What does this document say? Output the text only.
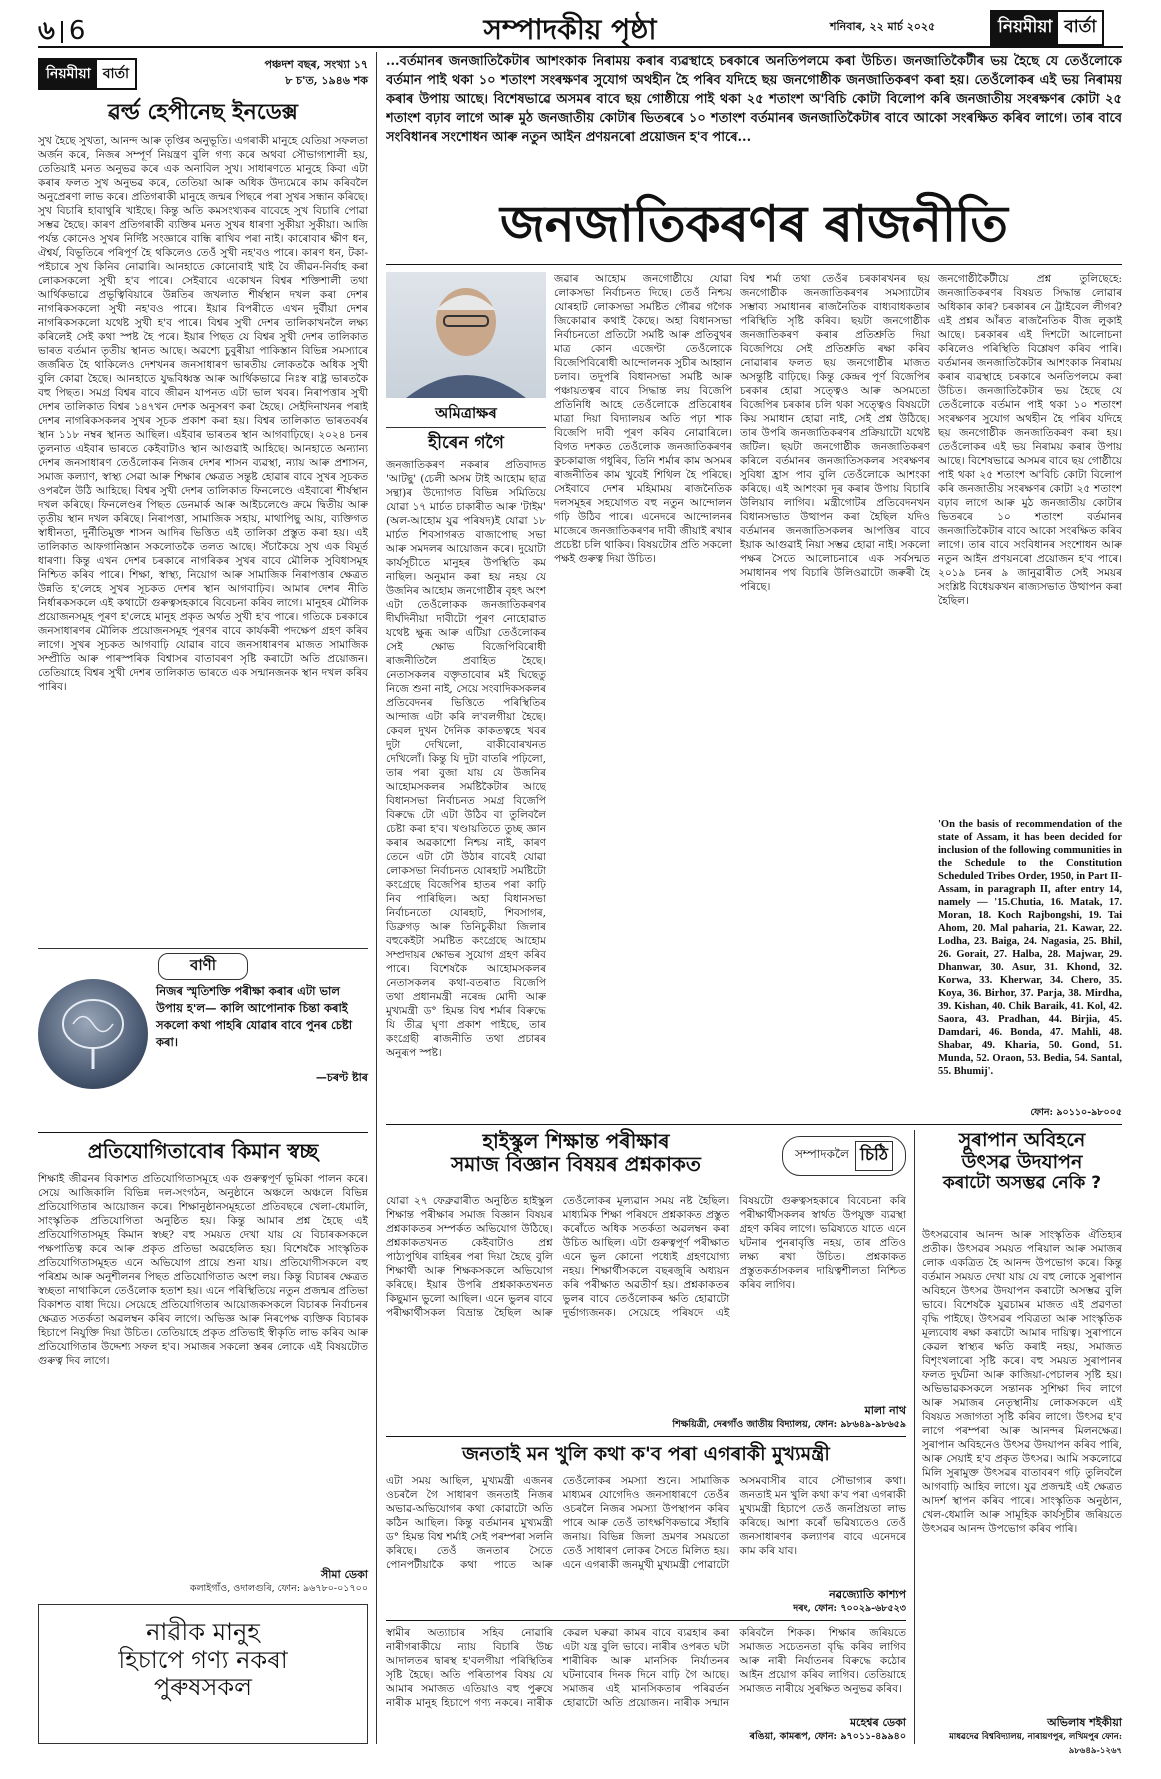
৬ 6	সম্পাদকীয় পৃষ্ঠা	শনিবাৰ, ২২ মাৰ্চ ২০২৫	নিয়মীয়া বাৰ্তা
নিয়মীয়া বাৰ্তা
পঞ্চদশ বছৰ, সংখ্যা ১৭
৮ চ'ত, ১৯৪৬ শক
ৱৰ্ল্ড হেপীনেছ ইনডেক্স
সুখ হৈছে সুখতা, আনন্দ আৰু তৃপ্তিৰ অনুভূতি। এগৰাকী মানুহে যেতিয়া সফলতা অৰ্জন কৰে, নিজৰ সম্পূৰ্ণ নিয়ন্ত্ৰণ বুলি গণ্য কৰে অথবা সৌভাগ্যশালী হয়, তেতিয়াই মনত অনুভৱ কৰে এক অনাবিল সুখ। সাধাৰণতে মানুহে কিবা এটা কৰাৰ ফলত সুখ অনুভৱ কৰে, তেতিয়া আৰু অধিক উদ্যমেৰে কাম কৰিবলৈ অনুপ্ৰেৰণা লাভ কৰে। প্ৰতিগৰাকী মানুহে জন্মৰ পিছৰে পৰা সুখৰ সন্ধান কৰিছে। সুখ বিচাৰি হাবাথুৰি খাইছে। কিন্তু অতি কমসংখ্যকৰ বাবেহে সুখ বিচাৰি পোৱা সম্ভৱ হৈছে। কাৰণ প্ৰতিগৰাকী ব্যক্তিৰ মনত সুখৰ ধাৰণা সুকীয়া সুকীয়া। আজি পৰ্যন্ত কোনেও সুখৰ নিৰ্দিষ্ট সংজ্ঞাৰে বান্ধি ৰাখিব পৰা নাই। কাৰোবাৰ ক্ষীণ ধন, ঐশ্বৰ্য, বিভূতিৰে পৰিপূৰ্ণ হৈ থকিলেও তেওঁ সুখী নহ'বও পাৰে। কাৰণ ধন, টকা-পইচাৰে সুখ কিনিব নোৱাৰি। আনহাতে কোনোবাই খাই বৈ জীৱন-নিৰ্বাহ কৰা লোকসকলো সুখী হ'ব পাৰে। সেইবাবে একোখন বিশ্বৰ শক্তিশালী তথা আৰ্থিকভাৱে প্ৰভূত্বিবিয়াৰে উন্নতিৰ জখলাত শীৰ্ষস্থান দখল কৰা দেশৰ নাগৰিকসকলো সুখী নহ'বও পাৰে। ইয়াৰ বিপৰীতে এখন দুৰ্বীয়া দেশৰ নাগৰিকসকলো যথেষ্ট সুখী হ'ব পাৰে। বিশ্বৰ সুখী দেশৰ তালিকাখনলৈ লক্ষ্য কৰিলেই সেই কথা স্পষ্ট হৈ পৰে। ইয়াৰ পিছত যে বিশ্বৰ সুখী দেশৰ তালিকাত ভাৰত বৰ্তমান তৃতীয় স্থানত আছে। অৱশ্যে চুবুৰীয়া পাকিস্তান বিভিন্ন সমস্যাৰে জৰ্জৰিত হৈ থাকিলেও দেশখনৰ জনসাধাৰণ ভাৰতীয় লোকতকৈ অধিক সুখী বুলি কোৱা হৈছে। আনহাতে যুদ্ধবিধ্বস্ত আৰু আৰ্থিকভাৱে নিঃস্ব ৰাষ্ট্ৰ ভাৰতকৈ বহু পিছত। সমগ্ৰ বিশ্বৰ বাবে জীৱন যাপনত এটা ভাল খবৰ। নিৰাপত্তাৰ সুখী দেশৰ তালিকাত বিশ্বৰ ১৪৭খন দেশক অনুসৰণ কৰা হৈছে। সেইদিনাখনৰ পৰাই দেশৰ নাগৰিকসকলৰ সুখৰ সূচক প্ৰকাশ কৰা হয়। বিশ্বৰ তালিকাত ভাৰতবৰ্ষৰ স্থান ১১৮ নম্বৰ স্থানত আছিল। এইবাৰ ভাৰতৰ স্থান আগবাঢ়িছে। ২০২৪ চনৰ তুলনাত এইবাৰ ভাৰতে কেইবাটাও স্থান আগুৱাই আহিছে। আনহাতে অন্যান্য দেশৰ জনসাধাৰণ তেওঁলোকৰ নিজৰ দেশৰ শাসন ব্যৱস্থা, ন্যায় আৰু প্ৰশাসন, সমাজ কল্যাণ, স্বাস্থ্য সেৱা আৰু শিক্ষাৰ ক্ষেত্ৰত সন্তুষ্ট হোৱাৰ বাবে সুখৰ সূচকত ওপৰলৈ উঠি আহিছে। বিশ্বৰ সুখী দেশৰ তালিকাত ফিনলেণ্ডে এইবাৰো শীৰ্ষস্থান দখল কৰিছে। ফিনলেণ্ডৰ পিছত ডেনমাৰ্ক আৰু আইচলেণ্ডে ক্ৰমে দ্বিতীয় আৰু তৃতীয় স্থান দখল কৰিছে। নিৰাপত্তা, সামাজিক সহায়, মাথাপিছু আয়, ব্যক্তিগত স্বাধীনতা, দুৰ্নীতিমুক্ত শাসন আদিৰ ভিত্তিত এই তালিকা প্ৰস্তুত কৰা হয়। এই তালিকাত আফগানিস্তান সকলোতকৈ তলত আছে। সঁচাকৈয়ে সুখ এক বিমূৰ্ত ধাৰণা। কিন্তু এখন দেশৰ চৰকাৰে নাগৰিকৰ সুখৰ বাবে মৌলিক সুবিধাসমূহ নিশ্চিত কৰিব পাৰে। শিক্ষা, স্বাস্থ্য, নিয়োগ আৰু সামাজিক নিৰাপত্তাৰ ক্ষেত্ৰত উন্নতি হ'লেহে সুখৰ সূচকত দেশৰ স্থান আগবাঢ়িব। আমাৰ দেশৰ নীতি নিৰ্ধাৰকসকলে এই কথাটো গুৰুত্বসহকাৰে বিবেচনা কৰিব লাগে। মানুহৰ মৌলিক প্ৰয়োজনসমূহ পূৰণ হ'লেহে মানুহ প্ৰকৃত অৰ্থত সুখী হ'ব পাৰে। গতিকে চৰকাৰে জনসাধাৰণৰ মৌলিক প্ৰয়োজনসমূহ পূৰণৰ বাবে কাৰ্যকৰী পদক্ষেপ গ্ৰহণ কৰিব লাগে। সুখৰ সূচকত আগবাঢ়ি যোৱাৰ বাবে জনসাধাৰণৰ মাজত সামাজিক সম্প্ৰীতি আৰু পাৰস্পৰিক বিশ্বাসৰ বাতাবৰণ সৃষ্টি কৰাটো অতি প্ৰয়োজন। তেতিয়াহে বিশ্বৰ সুখী দেশৰ তালিকাত ভাৰতে এক সন্মানজনক স্থান দখল কৰিব পাৰিব।
বাণী
নিজৰ স্মৃতিশক্তি পৰীক্ষা কৰাৰ এটা ভাল উপায় হ'ল— কালি আপোনাক চিন্তা কৰাই সকলো কথা পাহৰি যোৱাৰ বাবে পুনৰ চেষ্টা কৰা।
—চৰণ্ট ষ্টাৰ
প্ৰতিযোগিতাবোৰ কিমান স্বচ্ছ
শিক্ষাই জীৱনৰ বিকাশত প্ৰতিযোগিতাসমূহে এক গুৰুত্বপূৰ্ণ ভূমিকা পালন কৰে। সেয়ে আজিকালি বিভিন্ন দল-সংগঠন, অনুষ্ঠানে অঞ্চলে অঞ্চলে বিভিন্ন প্ৰতিযোগিতাৰ আয়োজন কৰে। শিক্ষানুষ্ঠানসমূহতো প্ৰতিবছৰে খেলা-ধেমালি, সাংস্কৃতিক প্ৰতিযোগিতা অনুষ্ঠিত হয়। কিন্তু আমাৰ প্ৰশ্ন হৈছে এই প্ৰতিযোগিতাসমূহ কিমান স্বচ্ছ? বহু সময়ত দেখা যায় যে বিচাৰকসকলে পক্ষপাতিত্ব কৰে আৰু প্ৰকৃত প্ৰতিভা অৱহেলিত হয়। বিশেষকৈ সাংস্কৃতিক প্ৰতিযোগিতাসমূহত এনে অভিযোগ প্ৰায়ে শুনা যায়। প্ৰতিযোগীসকলে বহু পৰিশ্ৰম আৰু অনুশীলনৰ পিছত প্ৰতিযোগিতাত অংশ লয়। কিন্তু বিচাৰৰ ক্ষেত্ৰত স্বচ্ছতা নাথাকিলে তেওঁলোক হতাশ হয়। এনে পৰিস্থিতিয়ে নতুন প্ৰজন্মৰ প্ৰতিভা বিকাশত বাধা দিয়ে। সেয়েহে প্ৰতিযোগিতাৰ আয়োজকসকলে বিচাৰক নিৰ্বাচনৰ ক্ষেত্ৰত সতৰ্কতা অৱলম্বন কৰিব লাগে। অভিজ্ঞ আৰু নিৰপেক্ষ ব্যক্তিক বিচাৰক হিচাপে নিযুক্তি দিয়া উচিত। তেতিয়াহে প্ৰকৃত প্ৰতিভাই স্বীকৃতি লাভ কৰিব আৰু প্ৰতিযোগিতাৰ উদ্দেশ্য সফল হ'ব। সমাজৰ সকলো স্তৰৰ লোকে এই বিষয়টোত গুৰুত্ব দিব লাগে।
সীমা ডেকা
কলাইগাঁও, ওদালগুৰি, ফোন: ৯৬৭৮০-০১৭০০
নাৱীক মানুহ
হিচাপে গণ্য নকৰা
পুৰুষসকল
...বৰ্তমানৰ জনজাতিকৈটাৰ আশংকাক নিৰাময় কৰাৰ ব্যৱস্থাহে চৰকাৰে অনতিপলমে কৰা উচিত। জনজাতিকৈটীৰ ভয় হৈছে যে তেওঁলোকে বৰ্তমান পাই থকা ১০ শতাংশ সংৰক্ষণৰ সুযোগ অথহীন হৈ পৰিব যদিহে ছয় জনগোষ্ঠীক জনজাতিকৰণ কৰা হয়। তেওঁলোকৰ এই ভয় নিৰাময় কৰাৰ উপায় আছে। বিশেষভাৱে অসমৰ বাবে ছয় গোষ্ঠীয়ে পাই থকা ২৫ শতাংশ অ'বিচি কোটা বিলোপ কৰি জনজাতীয় সংৰক্ষণৰ কোটা ২৫ শতাংশ বঢ়াব লাগে আৰু মুঠ জনজাতীয় কোটাৰ ভিতৰৰে ১০ শতাংশ বৰ্তমানৰ জনজাতিকৈটাৰ বাবে আকো সংৰক্ষিত কৰিব লাগে। তাৰ বাবে সংবিধানৰ সংশোধন আৰু নতুন আইন প্ৰণয়নৰো প্ৰয়োজন হ'ব পাৰে...
জনজাতিকৰণৰ ৰাজনীতি
অমিত্রাক্ষৰ
হীৰেন গগৈ
জনজাতিকৰণ নকৰাৰ প্ৰতিবাদত 'আটছু' (চেলী অসম টাই আহোম ছাত্ৰ সন্থা)ৰ উদ্যোগত বিভিন্ন সমিতিয়ে যোৱা ১৭ মাৰ্চত চাকাৰীত আৰু 'টাইম' (অল-আহোম যুৱ পৰিষদ)ই যোৱা ১৮ মাৰ্চত শিবসাগৰত বাজাপোছ সভা আৰু সমদলৰ আয়োজন কৰে। দুয়োটা কাৰ্যসূচীতে মানুহৰ উপস্থিতি কম নাছিল। অনুমান কৰা হয় নহয় যে উজনিৰ আহোম জনগোষ্ঠীৰ বৃহৎ অংশ এটা তেওঁলোকক জনজাতিকৰণৰ দীৰ্ঘদিনীয়া দাবীটো পূৰণ নোহোৱাত যথেষ্ট ক্ষুব্ধ আৰু এটিয়া তেওঁলোকৰ সেই ক্ষোভ বিজেপিবিৰোধী ৰাজনীতিলৈ প্ৰবাহিত হৈছে। নেতাসকলৰ বক্তৃতাবোৰ মই ঘিছেতু নিজে শুনা নাই, সেয়ে সংবাদিকসকলৰ প্ৰতিবেদনৰ ভিত্তিতে পৰিস্থিতিৰ আন্দাজ এটা কৰি ল'বলগীয়া হৈছে। কেবল দুখন দৈনিক কাকতত্বহে খবৰ দুটা দেখিলো, বাকীবোৰখনত দেখিলোঁ। কিন্তু যি দুটা বাতৰি পঢ়িলো, তাৰ পৰা বুজা যায় যে উজনিৰ আহোমসকলৰ সমষ্টিকৈটাৰ আছে বিধানসভা নিৰ্বাচনত সমগ্ৰ বিজেপি বিৰুদ্ধে টো এটা উঠিব বা তুলিবলৈ চেষ্টা কৰা হ'ব। খণ্ডায়তিতে তুচ্ছ জ্ঞান কৰাৰ অৱকাশো নিশ্চয় নাই, কাৰণ তেনে এটা ঢৌ উঠাৰ বাবেই যোৱা লোকসভা নিৰ্বাচনত যোৰহাট সমষ্টিটো কংগ্ৰেছে বিজেপিৰ হাতৰ পৰা কাঢ়ি নিব পাৰিছিল। অহা বিধানসভা নিৰ্বাচনতো যোৰহাট, শিবসাগৰ, ডিব্ৰুগড় আৰু তিনিচুকীয়া জিলাৰ বহুকেইটা সমষ্টিত কংগ্ৰেছে আহোম সম্প্ৰদায়ৰ ক্ষোভৰ সুযোগ গ্ৰহণ কৰিব পাৰে। বিশেষকৈ আহোমসকলৰ নেতাসকলৰ কথা-বতৰাত বিজেপি তথা প্ৰধানমন্ত্ৰী নৰেন্দ্ৰ মোদী আৰু মুখ্যমন্ত্ৰী ড° হিমন্ত বিশ্ব শৰ্মাৰ বিৰুদ্ধে যি তীব্ৰ ঘৃণা প্ৰকাশ পাইছে, তাৰ কংগ্ৰেছী ৰাজনীতি তথা প্ৰচাৰৰ অনুৰূপ স্পষ্ট।
জৱাৰ আহোম জনগোষ্ঠীয়ে যোৱা লোকসভা নিৰ্বাচনত দিছে। তেওঁ নিশ্চয় যোৰহাট লোকসভা সমষ্টিত গৌৰৱ গগৈক জিকোৱাৰ কথাই কৈছে। অহা বিধানসভা নিৰ্বাচনতো প্ৰতিটো সমষ্টি আৰু প্ৰতিবুথৰ মাত্ৰ কোন এজেণ্টা তেওঁলোকে বিজেপিবিৰোধী আন্দোলনক সুচীৰ আহ্বান চলাব। তদুপৰি বিধানসভা সমষ্টি আৰু পঞ্চায়তত্বৰ বাবে সিদ্ধান্ত লয় বিজেপি প্ৰতিনিধি আহে তেওঁলোকে প্ৰতিৰোধৰ মাত্ৰা দিয়া বিদ্যালয়ৰ অতি পঢ়া শাক বিজেপি দাবী পূৰণ কৰিব নোৱাৰিলে। বিগত দশকত তেওঁলোক জনজাতিকৰণৰ কুচকাৱাজ গধুৰিব, তিনি শৰ্মাৰ কাম অসমৰ ৰাজনীতিৰ কাম খুবেই শিথিল হৈ পৰিছে। সেইবাবে দেশৰ মহিমাময় ৰাজনৈতিক দলসমূহৰ সহযোগত বহু নতুন আন্দোলন গঢ়ি উঠিব পাৰে। এনেদৰে আন্দোলনৰ মাজেৰে জনজাতিকৰণৰ দাবী জীয়াই ৰখাৰ প্ৰচেষ্টা চলি থাকিব। বিষয়টোৰ প্ৰতি সকলো পক্ষই গুৰুত্ব দিয়া উচিত।
বিশ্ব শৰ্মা তথা তেওঁৰ চৰকাৰখনৰ ছয় জনগোষ্ঠীক জনজাতিকৰণৰ সমস্যাটোৰ সম্ভাব্য সমাধানৰ ৰাজনৈতিক বাধ্যবাধকতাৰ পৰিস্থিতি সৃষ্টি কৰিব। ছয়টা জনগোষ্ঠীক জনজাতিকৰণ কৰাৰ প্ৰতিশ্ৰুতি দিয়া বিজেপিয়ে সেই প্ৰতিশ্ৰুতি ৰক্ষা কৰিব নোৱাৰাৰ ফলত ছয় জনগোষ্ঠীৰ মাজত অসন্তুষ্টি বাঢ়িছে। কিন্তু কেন্দ্ৰৰ পূৰ্ণ বিজেপিৰ চৰকাৰ হোৱা সত্ত্বেও আৰু অসমতো বিজেপিৰ চৰকাৰ চলি থকা সত্ত্বেও বিষয়টো কিয় সমাধান হোৱা নাই, সেই প্ৰশ্ন উঠিছে। তাৰ উপৰি জনজাতিকৰণৰ প্ৰক্ৰিয়াটো যথেষ্ট জটিল। ছয়টা জনগোষ্ঠীক জনজাতিকৰণ কৰিলে বৰ্তমানৰ জনজাতিসকলৰ সংৰক্ষণৰ সুবিধা হ্ৰাস পাব বুলি তেওঁলোকে আশংকা কৰিছে। এই আশংকা দূৰ কৰাৰ উপায় বিচাৰি উলিয়াব লাগিব। মন্ত্ৰীগোটৰ প্ৰতিবেদনখন বিধানসভাত উত্থাপন কৰা হৈছিল যদিও বৰ্তমানৰ জনজাতিসকলৰ আপত্তিৰ বাবে ইয়াক আগুৱাই নিয়া সম্ভৱ হোৱা নাই। সকলো পক্ষৰ সৈতে আলোচনাৰে এক সৰ্বসন্মত সমাধানৰ পথ বিচাৰি উলিওৱাটো জৰুৰী হৈ পৰিছে।
জনগোষ্ঠীকৈটীয়ে প্ৰশ্ন তুলিছেহে: জনজাতিকৰণৰ বিষয়ত সিদ্ধান্ত লোৱাৰ অধিকাৰ কাৰ? চৰকাৰৰ নে ট্ৰাইবেল লীগৰ? এই প্ৰশ্নৰ আঁৰত ৰাজনৈতিক বীজ লুকাই আছে। চৰকাৰৰ এই দিশটো আলোচনা কৰিলেও পৰিস্থিতি বিশ্লেষণ কৰিব পাৰি। বৰ্তমানৰ জনজাতিকৈটাৰ আশংকাক নিৰাময় কৰাৰ ব্যৱস্থাহে চৰকাৰে অনতিপলমে কৰা উচিত। জনজাতিকৈটাৰ ভয় হৈছে যে তেওঁলোকে বৰ্তমান পাই থকা ১০ শতাংশ সংৰক্ষণৰ সুযোগ অথহীন হৈ পৰিব যদিহে ছয় জনগোষ্ঠীক জনজাতিকৰণ কৰা হয়। তেওঁলোকৰ এই ভয় নিৰাময় কৰাৰ উপায় আছে। বিশেষভাৱে অসমৰ বাবে ছয় গোষ্ঠীয়ে পাই থকা ২৫ শতাংশ অ'বিচি কোটা বিলোপ কৰি জনজাতীয় সংৰক্ষণৰ কোটা ২৫ শতাংশ বঢ়াব লাগে আৰু মুঠ জনজাতীয় কোটাৰ ভিতৰৰে ১০ শতাংশ বৰ্তমানৰ জনজাতিকৈটাৰ বাবে আকো সংৰক্ষিত কৰিব লাগে। তাৰ বাবে সংবিধানৰ সংশোধন আৰু নতুন আইন প্ৰণয়নৰো প্ৰয়োজন হ'ব পাৰে। ২০১৯ চনৰ ৯ জানুৱাৰীত সেই সময়ৰ সংশ্লিষ্ট বিধেয়কখন ৰাজ্যসভাত উত্থাপন কৰা হৈছিল।
'On the basis of recommendation of the state of Assam, it has been decided for inclusion of the following communities in the Schedule to the Constitution Scheduled Tribes Order, 1950, in Part II-Assam, in paragraph II, after entry 14, namely — '15.Chutia, 16. Matak, 17. Moran, 18. Koch Rajbongshi, 19. Tai Ahom, 20. Mal paharia, 21. Kawar, 22. Lodha, 23. Baiga, 24. Nagasia, 25. Bhil, 26. Gorait, 27. Halba, 28. Majwar, 29. Dhanwar, 30. Asur, 31. Khond, 32. Korwa, 33. Kherwar, 34. Chero, 35. Koya, 36. Birhor, 37. Parja, 38. Mirdha, 39. Kishan, 40. Chik Baraik, 41. Kol, 42. Saora, 43. Pradhan, 44. Birjia, 45. Damdari, 46. Bonda, 47. Mahli, 48. Shabar, 49. Kharia, 50. Gond, 51. Munda, 52. Oraon, 53. Bedia, 54. Santal, 55. Bhumij'.
ফোন: ৯০১১০-৯৮০০৫
হাইস্কুল শিক্ষান্ত পৰীক্ষাৰ
সমাজ বিজ্ঞান বিষয়ৰ প্ৰশ্নকাকত	সম্পাদকলৈ চিঠি
যোৱা ২৭ ফেব্ৰুৱাৰীত অনুষ্ঠিত হাইস্কুল শিক্ষান্ত পৰীক্ষাৰ সমাজ বিজ্ঞান বিষয়ৰ প্ৰশ্নকাকতৰ সম্পৰ্কত অভিযোগ উঠিছে। প্ৰশ্নকাকতখনত কেইবাটাও প্ৰশ্ন পাঠ্যপুথিৰ বাহিৰৰ পৰা দিয়া হৈছে বুলি শিক্ষাৰ্থী আৰু শিক্ষকসকলে অভিযোগ কৰিছে। ইয়াৰ উপৰি প্ৰশ্নকাকতখনত কিছুমান ভুলো আছিল। এনে ভুলৰ বাবে পৰীক্ষাৰ্থীসকল বিভ্ৰান্ত হৈছিল আৰু তেওঁলোকৰ মূল্যৱান সময় নষ্ট হৈছিল। মাধ্যমিক শিক্ষা পৰিষদে প্ৰশ্নকাকত প্ৰস্তুত কৰোঁতে অধিক সতৰ্কতা অৱলম্বন কৰা উচিত আছিল। এটা গুৰুত্বপূৰ্ণ পৰীক্ষাত এনে ভুল কোনো পধ্যেই গ্ৰহণযোগ্য নহয়। শিক্ষাৰ্থীসকলে বছৰজুৰি অধ্যয়ন কৰি পৰীক্ষাত অৱতীৰ্ণ হয়। প্ৰশ্নকাকতৰ ভুলৰ বাবে তেওঁলোকৰ ক্ষতি হোৱাটো দুৰ্ভাগ্যজনক। সেয়েহে পৰিষদে এই বিষয়টো গুৰুত্বসহকাৰে বিবেচনা কৰি পৰীক্ষাৰ্থীসকলৰ স্বাৰ্থত উপযুক্ত ব্যৱস্থা গ্ৰহণ কৰিব লাগে। ভৱিষ্যতে যাতে এনে ঘটনাৰ পুনৰাবৃত্তি নহয়, তাৰ প্ৰতিও লক্ষ্য ৰখা উচিত। প্ৰশ্নকাকত প্ৰস্তুতকৰ্তাসকলৰ দায়িত্বশীলতা নিশ্চিত কৰিব লাগিব।
মালা নাথ
শিক্ষয়িত্ৰী, দেৰগাঁও জাতীয় বিদ্যালয়, ফোন: ৯৮৬৪৯-৯৮৬৫৯
জনতাই মন খুলি কথা ক'ব পৰা এগৰাকী মুখ্যমন্ত্ৰী
এটা সময় আছিল, মুখ্যমন্ত্ৰী এজনৰ ওচৰলৈ গৈ সাধাৰণ জনতাই নিজৰ অভাৱ-অভিযোগৰ কথা কোৱাটো অতি কঠিন আছিল। কিন্তু বৰ্তমানৰ মুখ্যমন্ত্ৰী ড° হিমন্ত বিশ্ব শৰ্মাই সেই পৰম্পৰা সলনি কৰিছে। তেওঁ জনতাৰ সৈতে পোনপটীয়াকৈ কথা পাতে আৰু তেওঁলোকৰ সমস্যা শুনে। সামাজিক মাধ্যমৰ যোগেদিও জনসাধাৰণে তেওঁৰ ওচৰলৈ নিজৰ সমস্যা উপস্থাপন কৰিব পাৰে আৰু তেওঁ তাৎক্ষণিকভাৱে সঁহাৰি জনায়। বিভিন্ন জিলা ভ্ৰমণৰ সময়তো তেওঁ সাধাৰণ লোকৰ সৈতে মিলিত হয়। এনে এগৰাকী জনমুখী মুখ্যমন্ত্ৰী পোৱাটো অসমবাসীৰ বাবে সৌভাগ্যৰ কথা। জনতাই মন খুলি কথা ক'ব পৰা এগৰাকী মুখ্যমন্ত্ৰী হিচাপে তেওঁ জনপ্ৰিয়তা লাভ কৰিছে। আশা কৰোঁ ভৱিষ্যতেও তেওঁ জনসাধাৰণৰ কল্যাণৰ বাবে এনেদৰে কাম কৰি যাব।
নৱজ্যোতি কাশ্যপ
দৰং, ফোন: ৭০০২৯-৬৮৫২৩
স্বামীৰ অত্যাচাৰ সহিব নোৱাৰি নাৰীগৰাকীয়ে ন্যায় বিচাৰি উচ্চ আদালতৰ দ্বাৰস্থ হ'বলগীয়া পৰিস্থিতিৰ সৃষ্টি হৈছে। অতি পৰিতাপৰ বিষয় যে আমাৰ সমাজত এতিয়াও বহু পুৰুষে নাৰীক মানুহ হিচাপে গণ্য নকৰে। নাৰীক কেৱল ঘৰুৱা কামৰ বাবে ব্যৱহাৰ কৰা এটা যন্ত্ৰ বুলি ভাবে। নাৰীৰ ওপৰত ঘটা শাৰীৰিক আৰু মানসিক নিৰ্যাতনৰ ঘটনাবোৰ দিনক দিনে বাঢ়ি গৈ আছে। সমাজৰ এই মানসিকতাৰ পৰিৱৰ্তন হোৱাটো অতি প্ৰয়োজন। নাৰীক সন্মান কৰিবলৈ শিকক। শিক্ষাৰ জৰিয়তে সমাজত সচেতনতা বৃদ্ধি কৰিব লাগিব আৰু নাৰী নিৰ্যাতনৰ বিৰুদ্ধে কঠোৰ আইন প্ৰয়োগ কৰিব লাগিব। তেতিয়াহে সমাজত নাৰীয়ে সুৰক্ষিত অনুভৱ কৰিব।
মহেশ্বৰ ডেকা
ৰঙিয়া, কামৰূপ, ফোন: ৯৭০১১-৪৯৯৪০
সুৰাপান অবিহনে
উৎসৱ উদযাপন
কৰাটো অসম্ভৱ নেকি ?
উৎসৱবোৰ আনন্দ আৰু সাংস্কৃতিক ঐতিহ্যৰ প্ৰতীক। উৎসৱৰ সময়ত পৰিয়াল আৰু সমাজৰ লোক একত্ৰিত হৈ আনন্দ উপভোগ কৰে। কিন্তু বৰ্তমান সময়ত দেখা যায় যে বহু লোকে সুৰাপান অবিহনে উৎসৱ উদযাপন কৰাটো অসম্ভৱ বুলি ভাবে। বিশেষকৈ যুৱচামৰ মাজত এই প্ৰৱণতা বৃদ্ধি পাইছে। উৎসৱৰ পবিত্ৰতা আৰু সাংস্কৃতিক মূল্যবোধ ৰক্ষা কৰাটো আমাৰ দায়িত্ব। সুৰাপানে কেৱল স্বাস্থ্যৰ ক্ষতি কৰাই নহয়, সমাজত বিশৃংখলাৰো সৃষ্টি কৰে। বহু সময়ত সুৰাপানৰ ফলত দুৰ্ঘটনা আৰু কাজিয়া-পেচালৰ সৃষ্টি হয়। অভিভাৱকসকলে সন্তানক সুশিক্ষা দিব লাগে আৰু সমাজৰ নেতৃস্থানীয় লোকসকলে এই বিষয়ত সজাগতা সৃষ্টি কৰিব লাগে। উৎসৱ হ'ব লাগে পৰম্পৰা আৰু আনন্দৰ মিলনক্ষেত্ৰ। সুৰাপান অবিহনেও উৎসৱ উদযাপন কৰিব পাৰি, আৰু সেয়াই হ'ব প্ৰকৃত উৎসৱ। আমি সকলোৱে মিলি সুৰামুক্ত উৎসৱৰ বাতাবৰণ গঢ়ি তুলিবলৈ আগবাঢ়ি আহিব লাগে। যুৱ প্ৰজন্মই এই ক্ষেত্ৰত আদৰ্শ স্থাপন কৰিব পাৰে। সাংস্কৃতিক অনুষ্ঠান, খেল-ধেমালি আৰু সামূহিক কাৰ্যসূচীৰ জৰিয়তে উৎসৱৰ আনন্দ উপভোগ কৰিব পাৰি।
অভিলাষ শইকীয়া
মাধৱদেৱ বিশ্ববিদ্যালয়, নাৰায়ণপুৰ, লখিমপুৰ ফোন: ৯৮৬৪৯-১২৬৭
